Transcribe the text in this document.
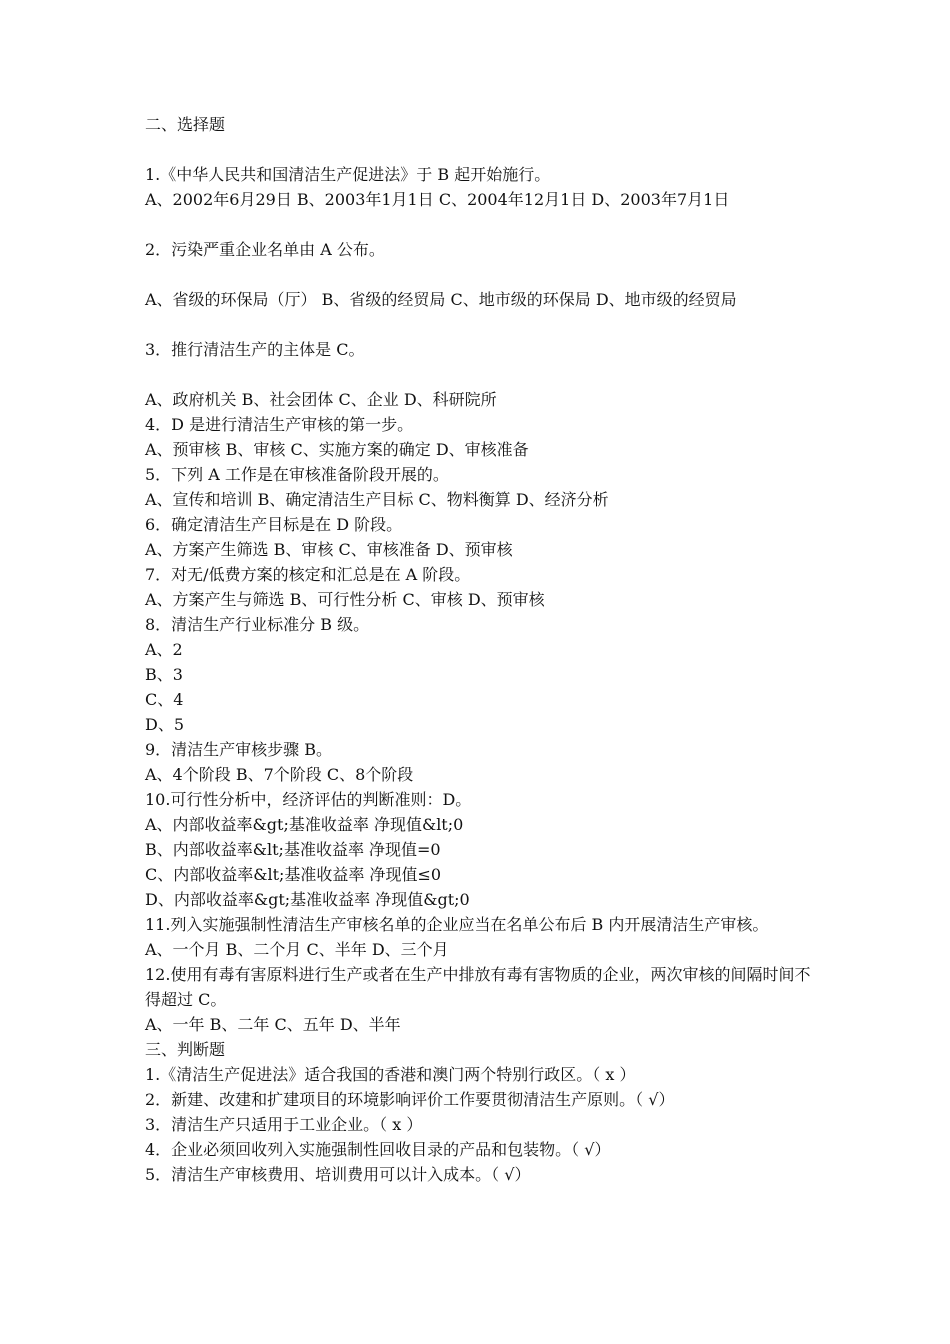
二、选择题

1.《中华人民共和国清洁生产促进法》于 B 起开始施行。

A、2002年6月29日 B、2003年1月1日 C、2004年12月1日 D、2003年7月1日

2．污染严重企业名单由 A 公布。

A、省级的环保局（厅） B、省级的经贸局 C、地市级的环保局 D、地市级的经贸局

3．推行清洁生产的主体是 C。

A、政府机关 B、社会团体 C、企业 D、科研院所

4．D 是进行清洁生产审核的第一步。

A、预审核 B、审核 C、实施方案的确定 D、审核准备

5．下列 A 工作是在审核准备阶段开展的。

A、宣传和培训 B、确定清洁生产目标 C、物料衡算 D、经济分析

6．确定清洁生产目标是在 D 阶段。

A、方案产生筛选 B、审核 C、审核准备 D、预审核

7．对无/低费方案的核定和汇总是在 A 阶段。

A、方案产生与筛选 B、可行性分析 C、审核 D、预审核

8．清洁生产行业标准分 B 级。

A、2

B、3

C、4

D、5

9．清洁生产审核步骤 B。

A、4个阶段 B、7个阶段 C、8个阶段

10.可行性分析中，经济评估的判断准则：D。

A、内部收益率&gt;基准收益率 净现值&lt;0

B、内部收益率&lt;基准收益率 净现值=0

C、内部收益率&lt;基准收益率 净现值≤0

D、内部收益率&gt;基准收益率 净现值&gt;0

11.列入实施强制性清洁生产审核名单的企业应当在名单公布后 B 内开展清洁生产审核。

A、一个月 B、二个月 C、半年 D、三个月

12.使用有毒有害原料进行生产或者在生产中排放有毒有害物质的企业，两次审核的间隔时间不得超过 C。

A、一年 B、二年 C、五年 D、半年

三、判断题

1.《清洁生产促进法》适合我国的香港和澳门两个特别行政区。（ x ）

2．新建、改建和扩建项目的环境影响评价工作要贯彻清洁生产原则。（ √）

3．清洁生产只适用于工业企业。（ x ）

4．企业必须回收列入实施强制性回收目录的产品和包装物。（ √）

5．清洁生产审核费用、培训费用可以计入成本。（ √）
